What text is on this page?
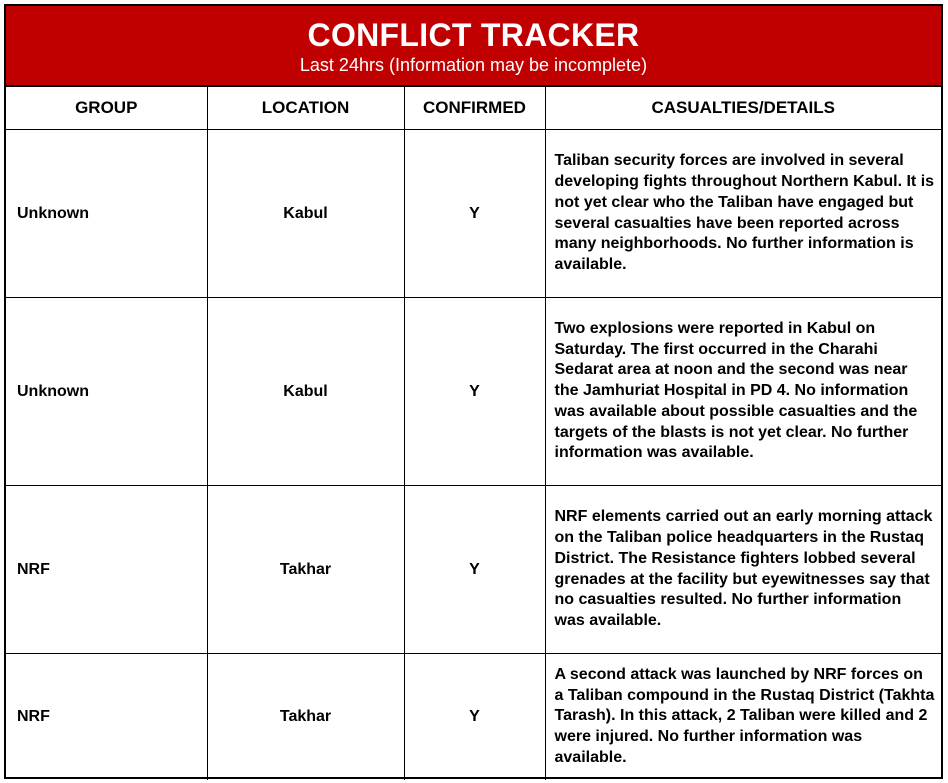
CONFLICT TRACKER
Last 24hrs (Information may be incomplete)
GROUP	LOCATION	CONFIRMED	CASUALTIES/DETAILS
Unknown	Kabul	Y	Taliban security forces are involved in several developing fights throughout Northern Kabul. It is not yet clear who the Taliban have engaged but several casualties have been reported across many neighborhoods. No further information is available.
Unknown	Kabul	Y	Two explosions were reported in Kabul on Saturday. The first occurred in the Charahi Sedarat area at noon and the second was near the Jamhuriat Hospital in PD 4. No information was available about possible casualties and the targets of the blasts is not yet clear. No further information was available.
NRF	Takhar	Y	NRF elements carried out an early morning attack on the Taliban police headquarters in the Rustaq District. The Resistance fighters lobbed several grenades at the facility but eyewitnesses say that no casualties resulted. No further information was available.
NRF	Takhar	Y	A second attack was launched by NRF forces on a Taliban compound in the Rustaq District (Takhta Tarash). In this attack, 2 Taliban were killed and 2 were injured. No further information was available.
